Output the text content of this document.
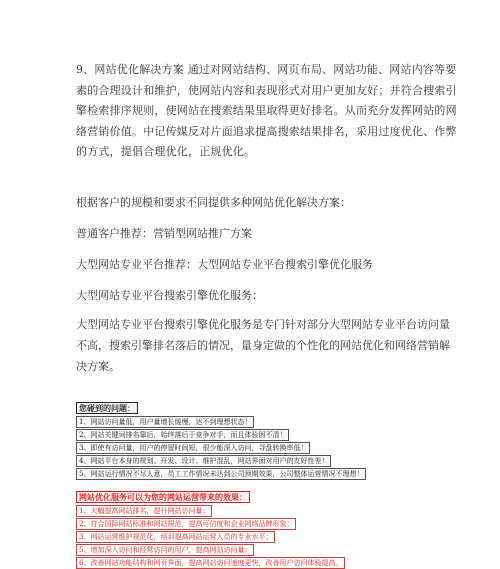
9、网站优化解决方案 通过对网站结构、网页布局、网站功能、网站内容等要
素的合理设计和维护，使网站内容和表现形式对用户更加友好；并符合搜索引
擎检索排序规则，使网站在搜索结果里取得更好排名。从而充分发挥网站的网
络营销价值。中记传媒反对片面追求提高搜索结果排名，采用过度优化、作弊
的方式，提倡合理优化，正规优化。
根据客户的规模和要求不同提供多种网站优化解决方案：
普通客户推荐：营销型网站推广方案
大型网站专业平台推荐：大型网站专业平台搜索引擎优化服务
大型网站专业平台搜索引擎优化服务：
大型网站专业平台搜索引擎优化服务是专门针对部分大型网站专业平台访问量
不高，搜索引擎排名落后的情况，量身定做的个性化的网站优化和网络营销解
决方案。
您碰到的问题：
1、网站访问量低，用户量增长缓慢，达不到理想状态！
2、网站关键词排名靠后，始终落后于竞争对手，而且体验困不清！
3、即使有访问量，用户的停留时间短，很少能深入访问，寻盘转换率低！
4、网站平台本身的规划、开发、设计、维护混乱，网站界面对用户的友好性差！
5、网站运行情况不尽人意，员工工作情况未达到公司预期效果，公司整体运营情况不理想！
网站优化服务可以为您的网站运营带来的效果：
1、大幅提高网站排名，提升网站访问量；
2、符合国际网站标准和网站规范，提高可信度和企业网络品牌形象；
3、网站运营维护规范化，培训提高网站运营人员的专业水平；
5、增加深入访问和经常访问的用户，提高网站访问量；
6、改善网站功能结构和网页界面，提高网站访问速度更快，改善用户访问体验提高。
